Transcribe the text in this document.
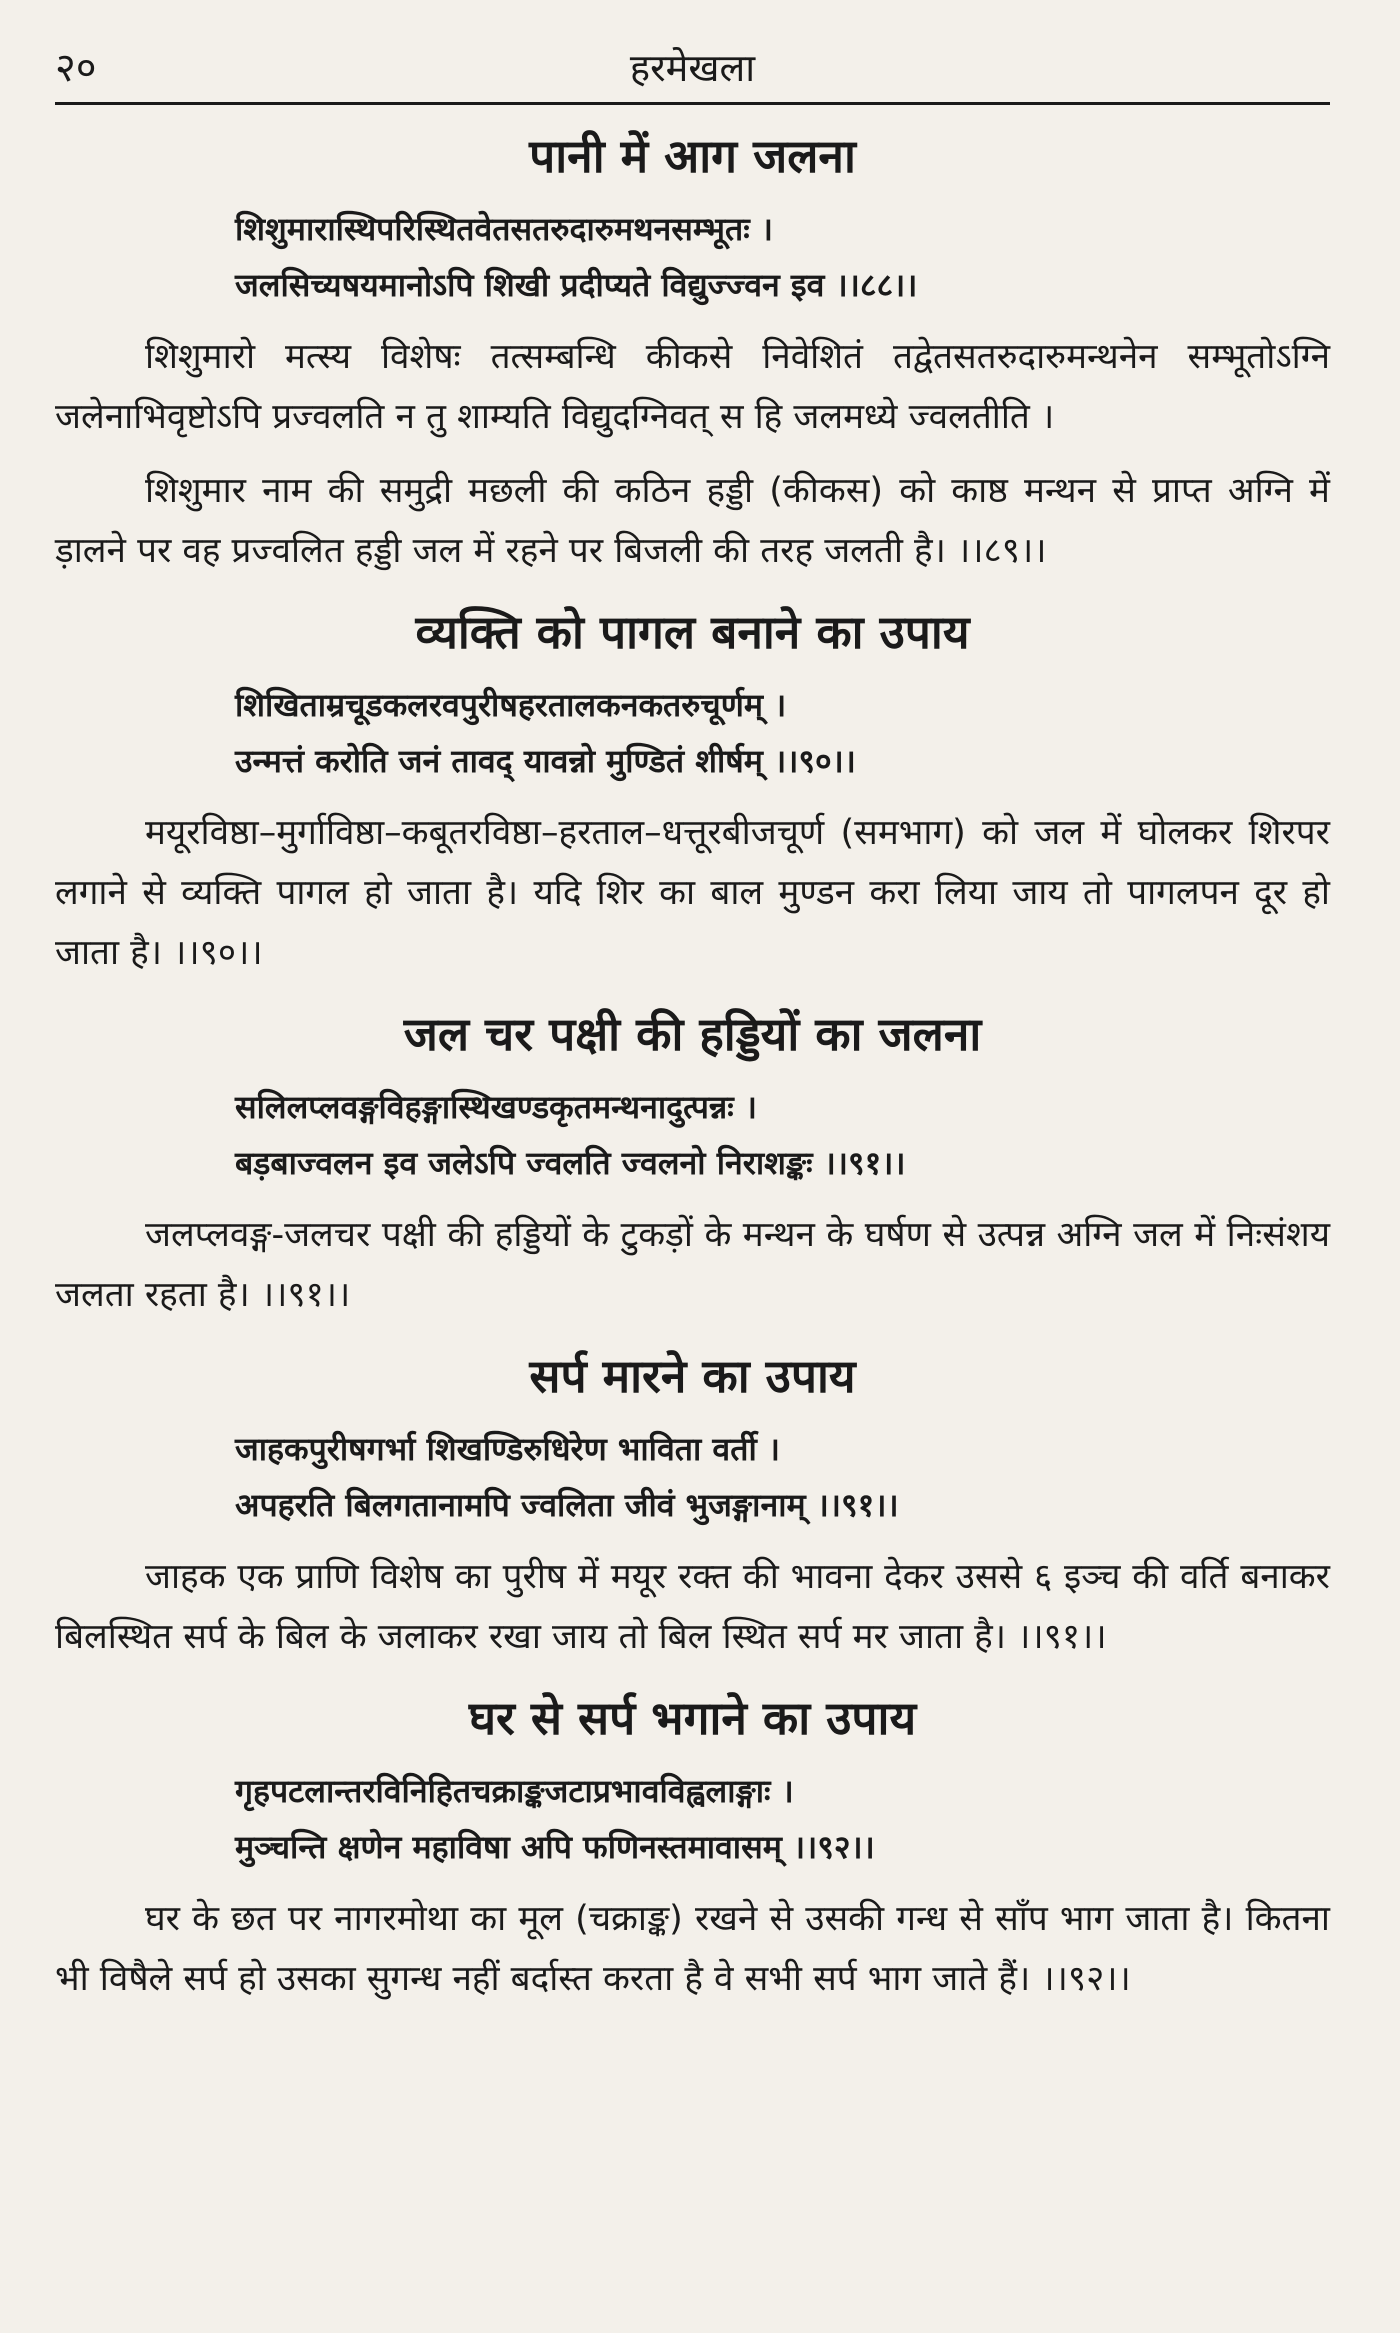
२०	हरमेखला
पानी में आग जलना
शिशुमारास्थिपरिस्थितवेतसतरुदारुमथनसम्भूतः ।
जलसिच्यषयमानोऽपि शिखी प्रदीप्यते विद्युज्ज्वन इव ।।८८।।

शिशुमारो मत्स्य विशेषः तत्सम्बन्धि कीकसे निवेशितं तद्वेतसतरुदारुमन्थनेन सम्भूतोऽग्नि जलेनाभिवृष्टोऽपि प्रज्वलति न तु शाम्यति विद्युदग्निवत् स हि जलमध्ये ज्वलतीति ।

शिशुमार नाम की समुद्री मछली की कठिन हड्डी (कीकस) को काष्ठ मन्थन से प्राप्त अग्नि में ड़ालने पर वह प्रज्वलित हड्डी जल में रहने पर बिजली की तरह जलती है। ।।८९।।

व्यक्ति को पागल बनाने का उपाय
शिखिताम्रचूडकलरवपुरीषहरतालकनकतरुचूर्णम् ।
उन्मत्तं करोति जनं तावद् यावन्नो मुण्डितं शीर्षम् ।।९०।।

मयूरविष्ठा–मुर्गाविष्ठा–कबूतरविष्ठा–हरताल–धत्तूरबीजचूर्ण (समभाग) को जल में घोलकर शिरपर लगाने से व्यक्ति पागल हो जाता है। यदि शिर का बाल मुण्डन करा लिया जाय तो पागलपन दूर हो जाता है। ।।९०।।

जल चर पक्षी की हड्डियों का जलना
सलिलप्लवङ्गविहङ्गास्थिखण्डकृतमन्थनादुत्पन्नः ।
बड़बाज्वलन इव जलेऽपि ज्वलति ज्वलनो निराशङ्कः ।।९१।।

जलप्लवङ्ग-जलचर पक्षी की हड्डियों के टुकड़ों के मन्थन के घर्षण से उत्पन्न अग्नि जल में निःसंशय जलता रहता है। ।।९१।।

सर्प मारने का उपाय
जाहकपुरीषगर्भा शिखण्डिरुधिरेण भाविता वर्ती ।
अपहरति बिलगतानामपि ज्वलिता जीवं भुजङ्गानाम् ।।९१।।

जाहक एक प्राणि विशेष का पुरीष में मयूर रक्त की भावना देकर उससे ६ इञ्च की वर्ति बनाकर बिलस्थित सर्प के बिल के जलाकर रखा जाय तो बिल स्थित सर्प मर जाता है। ।।९१।।

घर से सर्प भगाने का उपाय
गृहपटलान्तरविनिहितचक्राङ्कजटाप्रभावविह्वलाङ्गाः ।
मुञ्चन्ति क्षणेन महाविषा अपि फणिनस्तमावासम् ।।९२।।

घर के छत पर नागरमोथा का मूल (चक्राङ्क) रखने से उसकी गन्ध से साँप भाग जाता है। कितना भी विषैले सर्प हो उसका सुगन्ध नहीं बर्दास्त करता है वे सभी सर्प भाग जाते हैं। ।।९२।।
